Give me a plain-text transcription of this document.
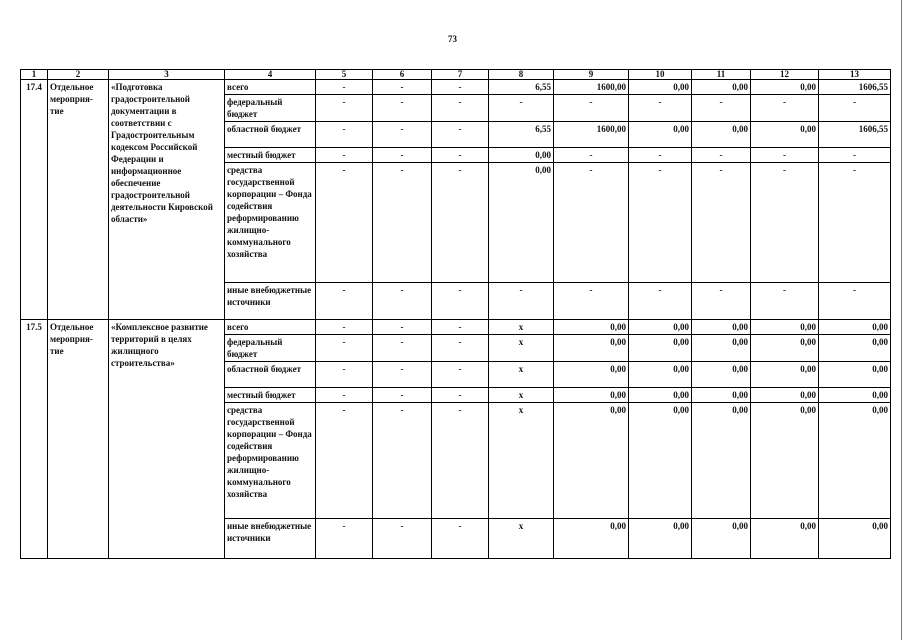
73
1	2	3	4	5	6	7	8	9	10	11	12	13
17.4	Отдельное мероприя-тие	«Подготовка градостроительной документации в соответствии с Градостроительным кодексом Российской Федерации и информационное обеспечение градостроительной деятельности Кировской области»	всего	-	-	-	6,55	1600,00	0,00	0,00	0,00	1606,55
			федеральный бюджет	-	-	-	-	-	-	-	-	-
			областной бюджет	-	-	-	6,55	1600,00	0,00	0,00	0,00	1606,55
			местный бюджет	-	-	-	0,00	-	-	-	-	-
			средства государственной корпорации – Фонда содействия реформированию жилищно-коммунального хозяйства	-	-	-	0,00	-	-	-	-	-
			иные внебюджетные источники	-	-	-	-	-	-	-	-	-
17.5	Отдельное мероприя-тие	«Комплексное развитие территорий в целях жилищного строительства»	всего	-	-	-	x	0,00	0,00	0,00	0,00	0,00
			федеральный бюджет	-	-	-	x	0,00	0,00	0,00	0,00	0,00
			областной бюджет	-	-	-	x	0,00	0,00	0,00	0,00	0,00
			местный бюджет	-	-	-	x	0,00	0,00	0,00	0,00	0,00
			средства государственной корпорации – Фонда содействия реформированию жилищно-коммунального хозяйства	-	-	-	x	0,00	0,00	0,00	0,00	0,00
			иные внебюджетные источники	-	-	-	x	0,00	0,00	0,00	0,00	0,00
